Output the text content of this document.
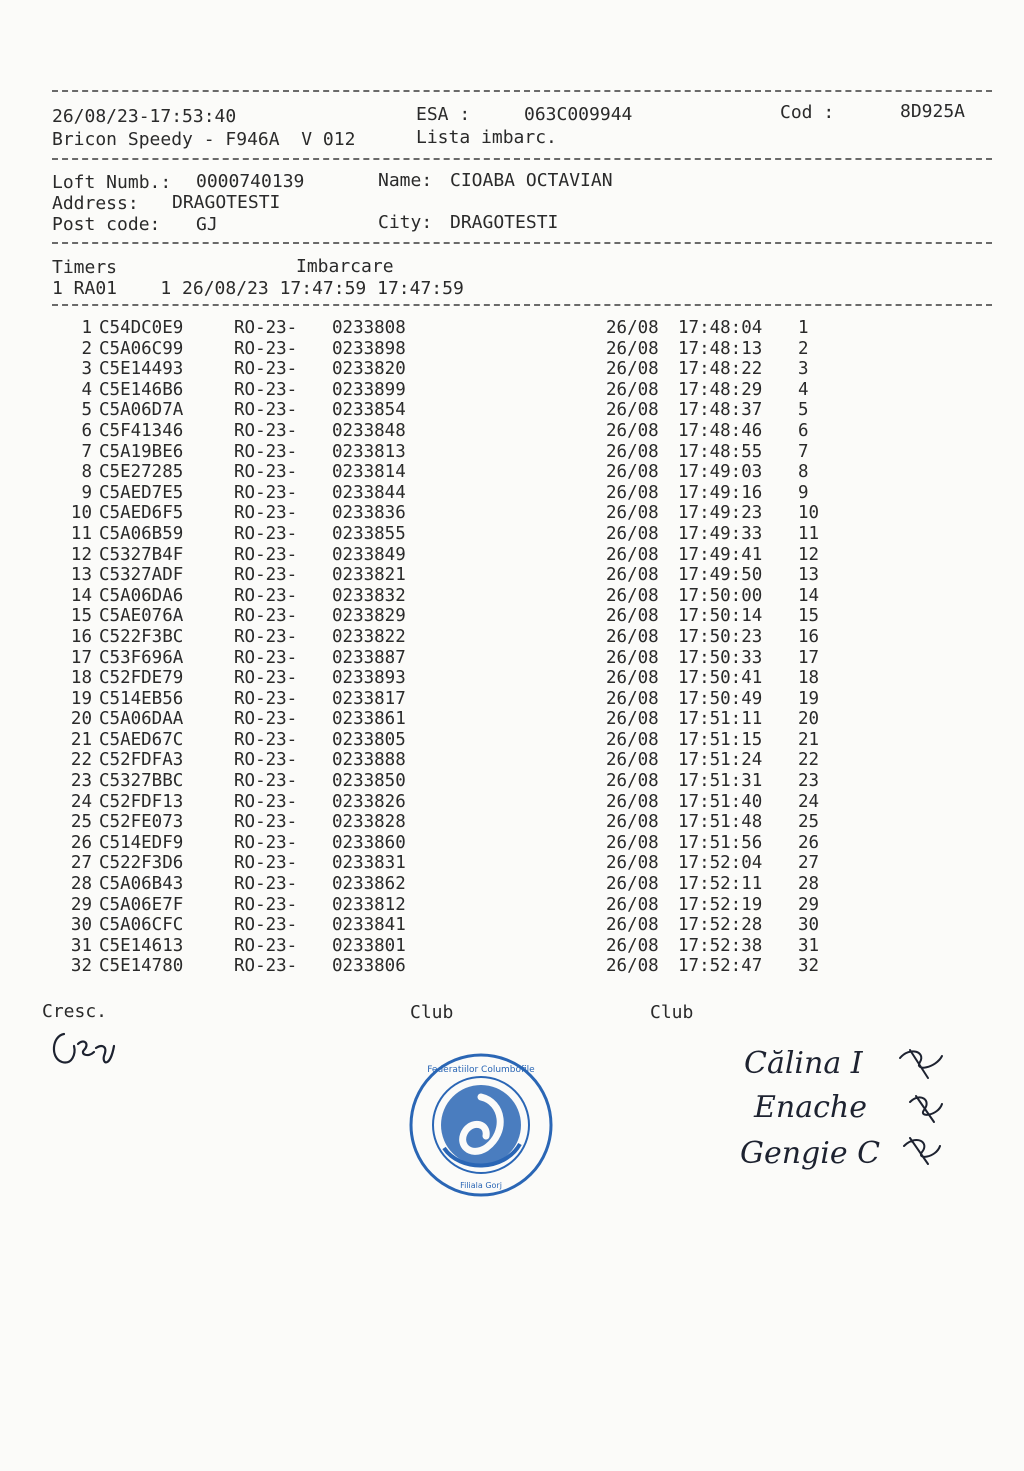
26/08/23-17:53:40	ESA :	063C009944	Cod :	8D925A
Bricon Speedy - F946A  V 012	Lista imbarc.
Loft Numb.: 0000740139	Name: CIOABA OCTAVIAN
Address: DRAGOTESTI
Post code: GJ	City: DRAGOTESTI
Timers	Imbarcare
1 RA01    1 26/08/23 17:47:59 17:47:59
1 C54DC0E9	RO-23- 0233808	26/08 17:48:04 1
2 C5A06C99	RO-23- 0233898	26/08 17:48:13 2
3 C5E14493	RO-23- 0233820	26/08 17:48:22 3
4 C5E146B6	RO-23- 0233899	26/08 17:48:29 4
5 C5A06D7A	RO-23- 0233854	26/08 17:48:37 5
6 C5F41346	RO-23- 0233848	26/08 17:48:46 6
7 C5A19BE6	RO-23- 0233813	26/08 17:48:55 7
8 C5E27285	RO-23- 0233814	26/08 17:49:03 8
9 C5AED7E5	RO-23- 0233844	26/08 17:49:16 9
10 C5AED6F5	RO-23- 0233836	26/08 17:49:23 10
11 C5A06B59	RO-23- 0233855	26/08 17:49:33 11
12 C5327B4F	RO-23- 0233849	26/08 17:49:41 12
13 C5327ADF	RO-23- 0233821	26/08 17:49:50 13
14 C5A06DA6	RO-23- 0233832	26/08 17:50:00 14
15 C5AE076A	RO-23- 0233829	26/08 17:50:14 15
16 C522F3BC	RO-23- 0233822	26/08 17:50:23 16
17 C53F696A	RO-23- 0233887	26/08 17:50:33 17
18 C52FDE79	RO-23- 0233893	26/08 17:50:41 18
19 C514EB56	RO-23- 0233817	26/08 17:50:49 19
20 C5A06DAA	RO-23- 0233861	26/08 17:51:11 20
21 C5AED67C	RO-23- 0233805	26/08 17:51:15 21
22 C52FDFA3	RO-23- 0233888	26/08 17:51:24 22
23 C5327BBC	RO-23- 0233850	26/08 17:51:31 23
24 C52FDF13	RO-23- 0233826	26/08 17:51:40 24
25 C52FE073	RO-23- 0233828	26/08 17:51:48 25
26 C514EDF9	RO-23- 0233860	26/08 17:51:56 26
27 C522F3D6	RO-23- 0233831	26/08 17:52:04 27
28 C5A06B43	RO-23- 0233862	26/08 17:52:11 28
29 C5A06E7F	RO-23- 0233812	26/08 17:52:19 29
30 C5A06CFC	RO-23- 0233841	26/08 17:52:28 30
31 C5E14613	RO-23- 0233801	26/08 17:52:38 31
32 C5E14780	RO-23- 0233806	26/08 17:52:47 32
Cresc.	Club	Club
Călina I
Enache
Gengie C
Federatiilor Columbofile
Filiala Gorj
